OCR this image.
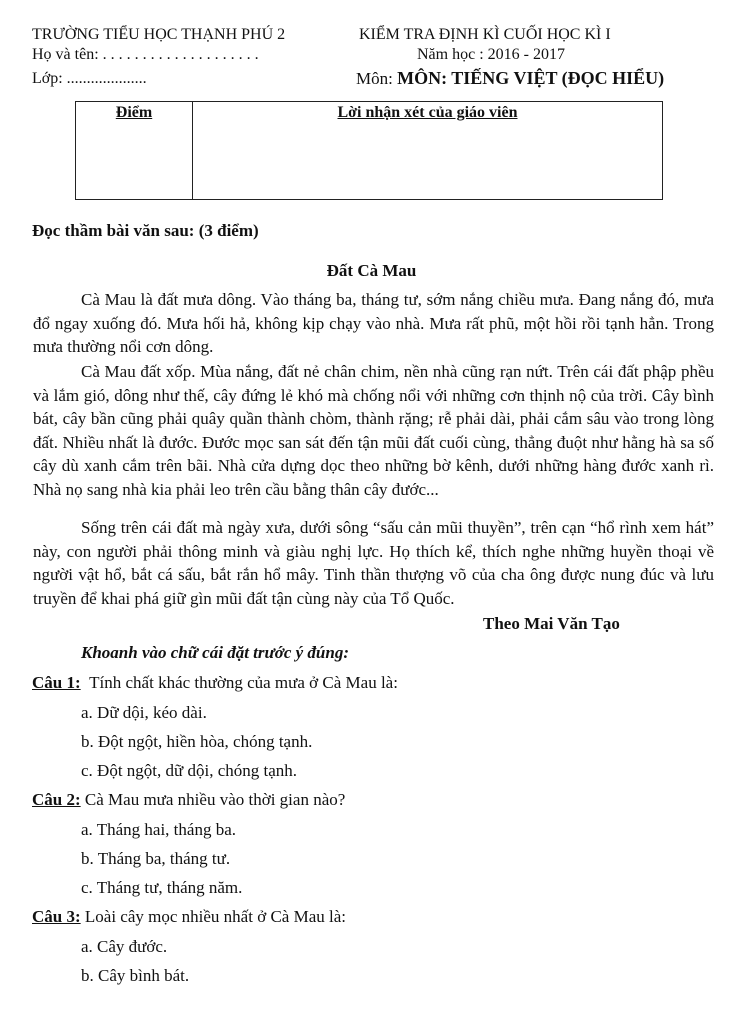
TRƯỜNG TIỂU HỌC THẠNH PHÚ 2	KIỂM TRA ĐỊNH KÌ CUỐI HỌC KÌ I
Họ và tên: . . . . . . . . . . . . . . . . . . . .	Năm học : 2016 - 2017
Lớp: ....................	Môn: MÔN: TIẾNG VIỆT (ĐỌC HIỂU)
Điểm	Lời nhận xét của giáo viên
Đọc thầm bài văn sau: (3 điểm)
Đất Cà Mau
Cà Mau là đất mưa dông. Vào tháng ba, tháng tư, sớm nắng chiều mưa. Đang nắng đó, mưa đổ ngay xuống đó. Mưa hối hả, không kịp chạy vào nhà. Mưa rất phũ, một hồi rồi tạnh hẳn. Trong mưa thường nổi cơn dông.
Cà Mau đất xốp. Mùa nắng, đất nẻ chân chim, nền nhà cũng rạn nứt. Trên cái đất phập phều và lắm gió, dông như thế, cây đứng lẻ khó mà chống nổi với những cơn thịnh nộ của trời. Cây bình bát, cây bần cũng phải quây quần thành chòm, thành rặng; rễ phải dài, phải cắm sâu vào trong lòng đất. Nhiều nhất là đước. Đước mọc san sát đến tận mũi đất cuối cùng, thẳng đuột như hằng hà sa số cây dù xanh cắm trên bãi. Nhà cửa dựng dọc theo những bờ kênh, dưới những hàng đước xanh rì. Nhà nọ sang nhà kia phải leo trên cầu bằng thân cây đước...
Sống trên cái đất mà ngày xưa, dưới sông “sấu cản mũi thuyền”, trên cạn “hổ rình xem hát” này, con người phải thông minh và giàu nghị lực. Họ thích kể, thích nghe những huyền thoại về người vật hổ, bắt cá sấu, bắt rắn hổ mây. Tinh thần thượng võ của cha ông được nung đúc và lưu truyền để khai phá giữ gìn mũi đất tận cùng này của Tổ Quốc.
Theo Mai Văn Tạo
Khoanh vào chữ cái đặt trước ý đúng:
Câu 1: Tính chất khác thường của mưa ở Cà Mau là:
a. Dữ dội, kéo dài.
b. Đột ngột, hiền hòa, chóng tạnh.
c. Đột ngột, dữ dội, chóng tạnh.
Câu 2: Cà Mau mưa nhiều vào thời gian nào?
a. Tháng hai, tháng ba.
b. Tháng ba, tháng tư.
c. Tháng tư, tháng năm.
Câu 3: Loài cây mọc nhiều nhất ở Cà Mau là:
a. Cây đước.
b. Cây bình bát.
